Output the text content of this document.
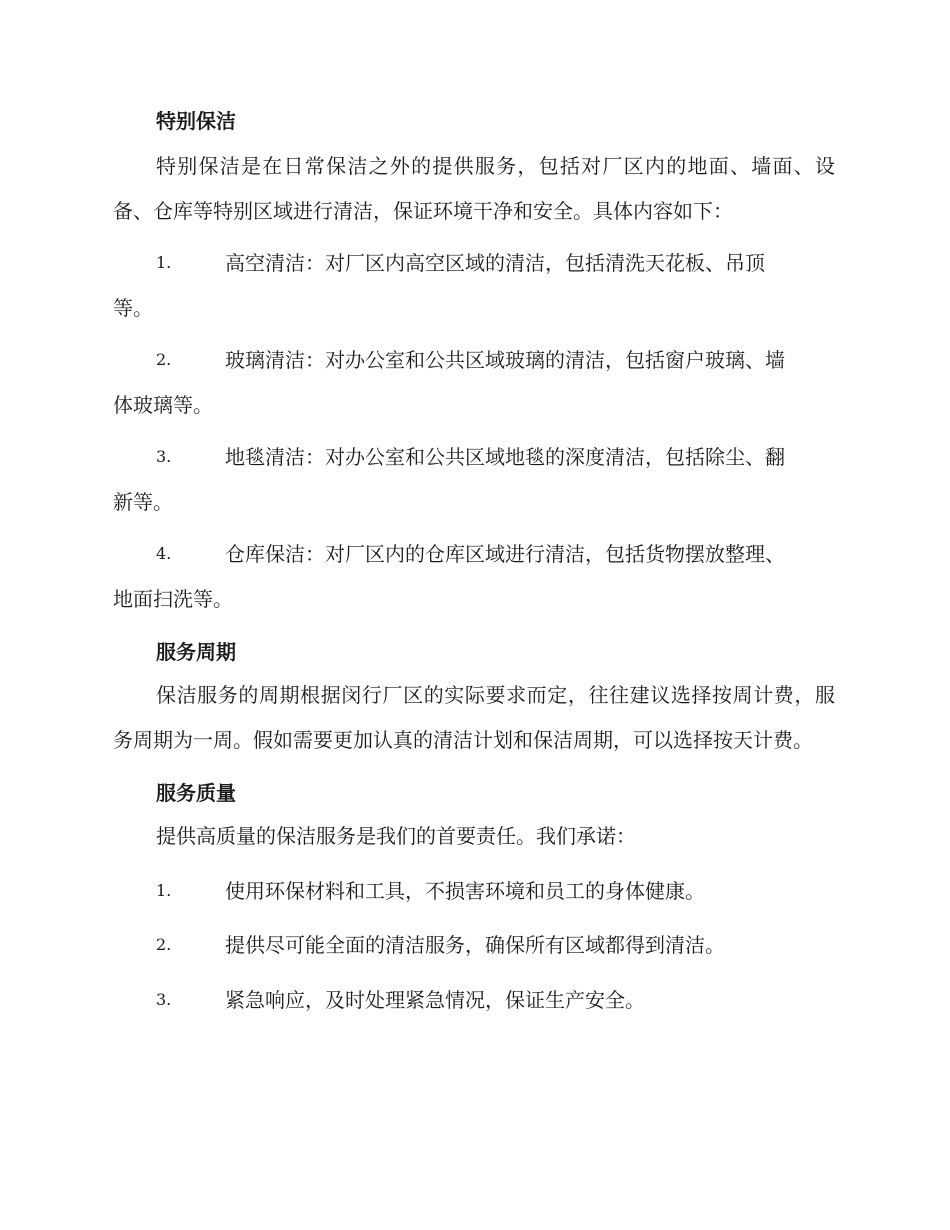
特别保洁

特别保洁是在日常保洁之外的提供服务，包括对厂区内的地面、墙面、设备、仓库等特别区域进行清洁，保证环境干净和安全。具体内容如下：

1.	高空清洁：对厂区内高空区域的清洁，包括清洗天花板、吊顶
等。
2.	玻璃清洁：对办公室和公共区域玻璃的清洁，包括窗户玻璃、墙
体玻璃等。
3.	地毯清洁：对办公室和公共区域地毯的深度清洁，包括除尘、翻
新等。
4.	仓库保洁：对厂区内的仓库区域进行清洁，包括货物摆放整理、
地面扫洗等。
服务周期

保洁服务的周期根据闵行厂区的实际要求而定，往往建议选择按周计费，服务周期为一周。假如需要更加认真的清洁计划和保洁周期，可以选择按天计费。

服务质量

提供高质量的保洁服务是我们的首要责任。我们承诺：

1.	使用环保材料和工具，不损害环境和员工的身体健康。
2.	提供尽可能全面的清洁服务，确保所有区域都得到清洁。
3.	紧急响应，及时处理紧急情况，保证生产安全。
